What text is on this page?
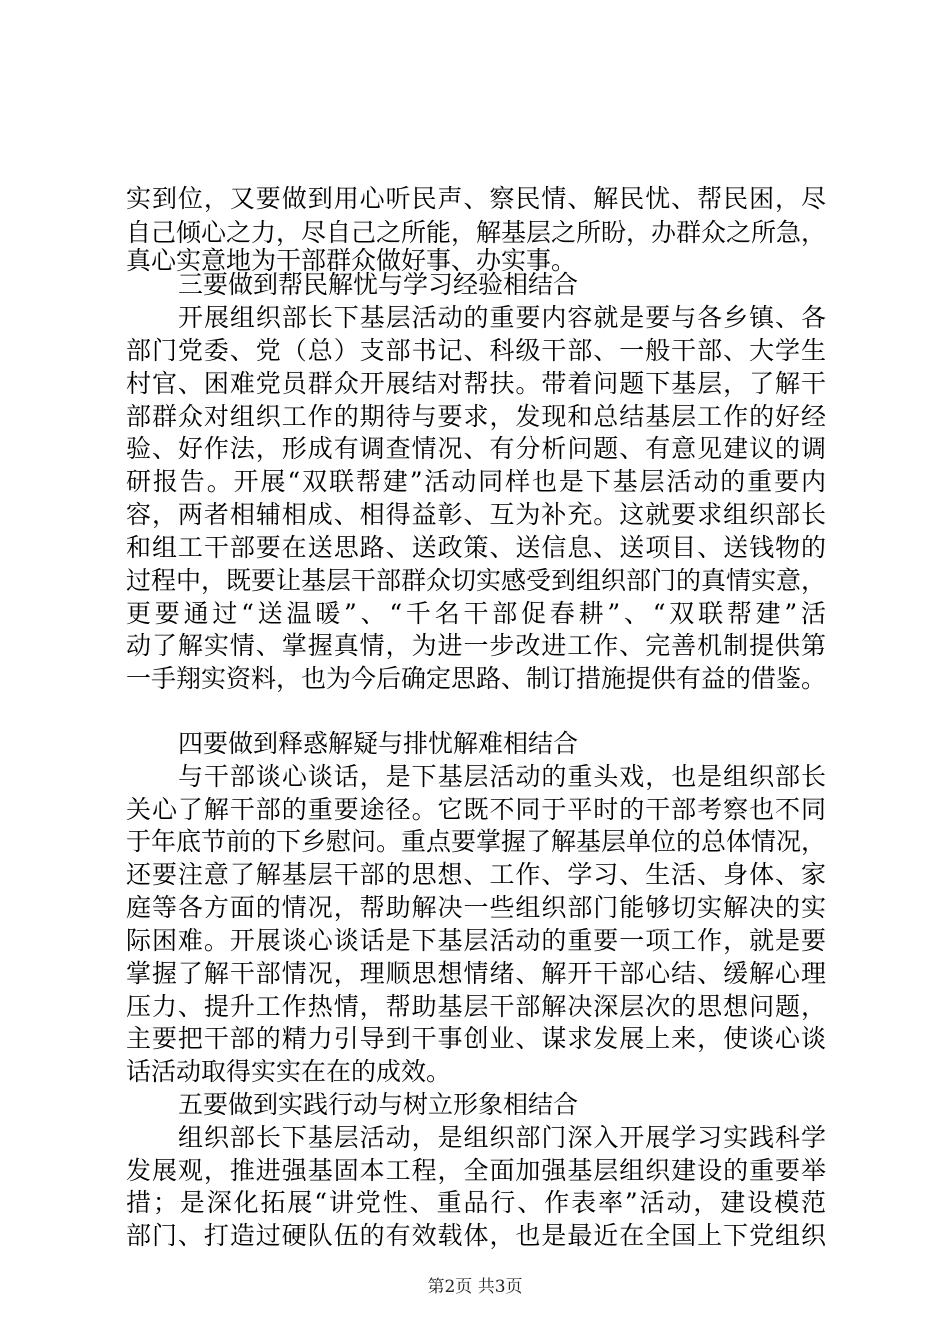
实到位，又要做到用心听民声、察民情、解民忧、帮民困，尽
自己倾心之力，尽自己之所能，解基层之所盼，办群众之所急，
真心实意地为干部群众做好事、办实事。
三要做到帮民解忧与学习经验相结合
开展组织部长下基层活动的重要内容就是要与各乡镇、各
部门党委、党（总）支部书记、科级干部、一般干部、大学生
村官、困难党员群众开展结对帮扶。带着问题下基层，了解干
部群众对组织工作的期待与要求，发现和总结基层工作的好经
验、好作法，形成有调查情况、有分析问题、有意见建议的调
研报告。开展“双联帮建”活动同样也是下基层活动的重要内
容，两者相辅相成、相得益彰、互为补充。这就要求组织部长
和组工干部要在送思路、送政策、送信息、送项目、送钱物的
过程中，既要让基层干部群众切实感受到组织部门的真情实意，
更要通过“送温暖”、“千名干部促春耕”、“双联帮建”活
动了解实情、掌握真情，为进一步改进工作、完善机制提供第
一手翔实资料，也为今后确定思路、制订措施提供有益的借鉴。
四要做到释惑解疑与排忧解难相结合
与干部谈心谈话，是下基层活动的重头戏，也是组织部长
关心了解干部的重要途径。它既不同于平时的干部考察也不同
于年底节前的下乡慰问。重点要掌握了解基层单位的总体情况，
还要注意了解基层干部的思想、工作、学习、生活、身体、家
庭等各方面的情况，帮助解决一些组织部门能够切实解决的实
际困难。开展谈心谈话是下基层活动的重要一项工作，就是要
掌握了解干部情况，理顺思想情绪、解开干部心结、缓解心理
压力、提升工作热情，帮助基层干部解决深层次的思想问题，
主要把干部的精力引导到干事创业、谋求发展上来，使谈心谈
话活动取得实实在在的成效。
五要做到实践行动与树立形象相结合
组织部长下基层活动，是组织部门深入开展学习实践科学
发展观，推进强基固本工程，全面加强基层组织建设的重要举
措；是深化拓展“讲党性、重品行、作表率”活动，建设模范
部门、打造过硬队伍的有效载体，也是最近在全国上下党组织
第2页 共3页
